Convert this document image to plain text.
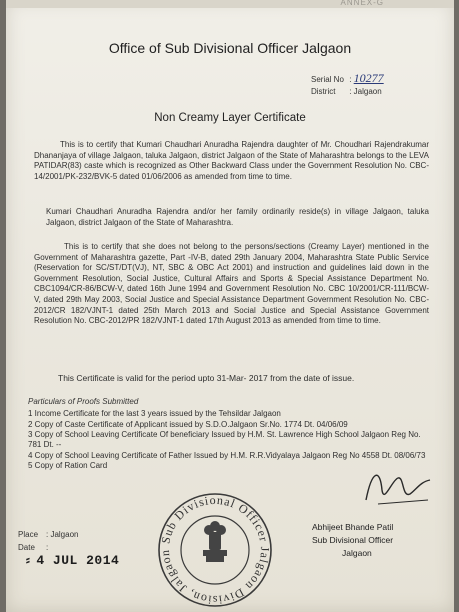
ANNEX-G
Office of Sub Divisional Officer Jalgaon
Serial No : 10277
District : Jalgaon
Non Creamy Layer Certificate
This is to certify that Kumari Chaudhari Anuradha Rajendra daughter of Mr. Choudhari Rajendrakumar Dhananjaya of village Jalgaon, taluka Jalgaon, district Jalgaon of the State of Maharashtra belongs to the LEVA PATIDAR(83) caste which is recognized as Other Backward Class under the Government Resolution No. CBC-14/2001/PK-232/BVK-5 dated 01/06/2006 as amended from time to time.
Kumari Chaudhari Anuradha Rajendra and/or her family ordinarily reside(s) in village Jalgaon, taluka Jalgaon, district Jalgaon of the State of Maharashtra.
This is to certify that she does not belong to the persons/sections (Creamy Layer) mentioned in the Government of Maharashtra gazette, Part -IV-B, dated 29th January 2004, Maharashtra State Public Service (Reservation for SC/ST/DT(VJ), NT, SBC & OBC Act 2001) and instruction and guidelines laid down in the Government Resolution, Social Justice, Cultural Affairs and Sports & Special Assistance Department No. CBC1094/CR-86/BCW-V, dated 16th June 1994 and Government Resolution No. CBC 10/2001/CR-111/BCW-V, dated 29th May 2003, Social Justice and Special Assistance Department Government Resolution No. CBC-2012/CR 182/VJNT-1 dated 25th March 2013 and Social Justice and Special Assistance Government Resolution No. CBC-2012/PR 182/VJNT-1 dated 17th August 2013 as amended from time to time.
This Certificate is valid for the period upto 31-Mar- 2017 from the date of issue.
Particulars of Proofs Submitted
1 Income Certificate for the last 3 years issued by the Tehsildar Jalgaon
2 Copy of Caste Certificate of Applicant issued by S.D.O.Jalgaon Sr.No. 1774 Dt. 04/06/09
3 Copy of School Leaving Certificate Of beneficiary Issued by H.M. St. Lawrence High School Jalgaon Reg No. 781 Dt. --
4 Copy of School Leaving Certificate of Father Issued by H.M. R.R.Vidyalaya Jalgaon Reg No 4558 Dt. 08/06/73
5 Copy of Ration Card
Place : Jalgaon
Date :
⸗ 4 JUL 2014
Sub Divisional Officer Jalgaon Division, Jalgaon
Abhijeet Bhande Patil
Sub Divisional Officer
Jalgaon
